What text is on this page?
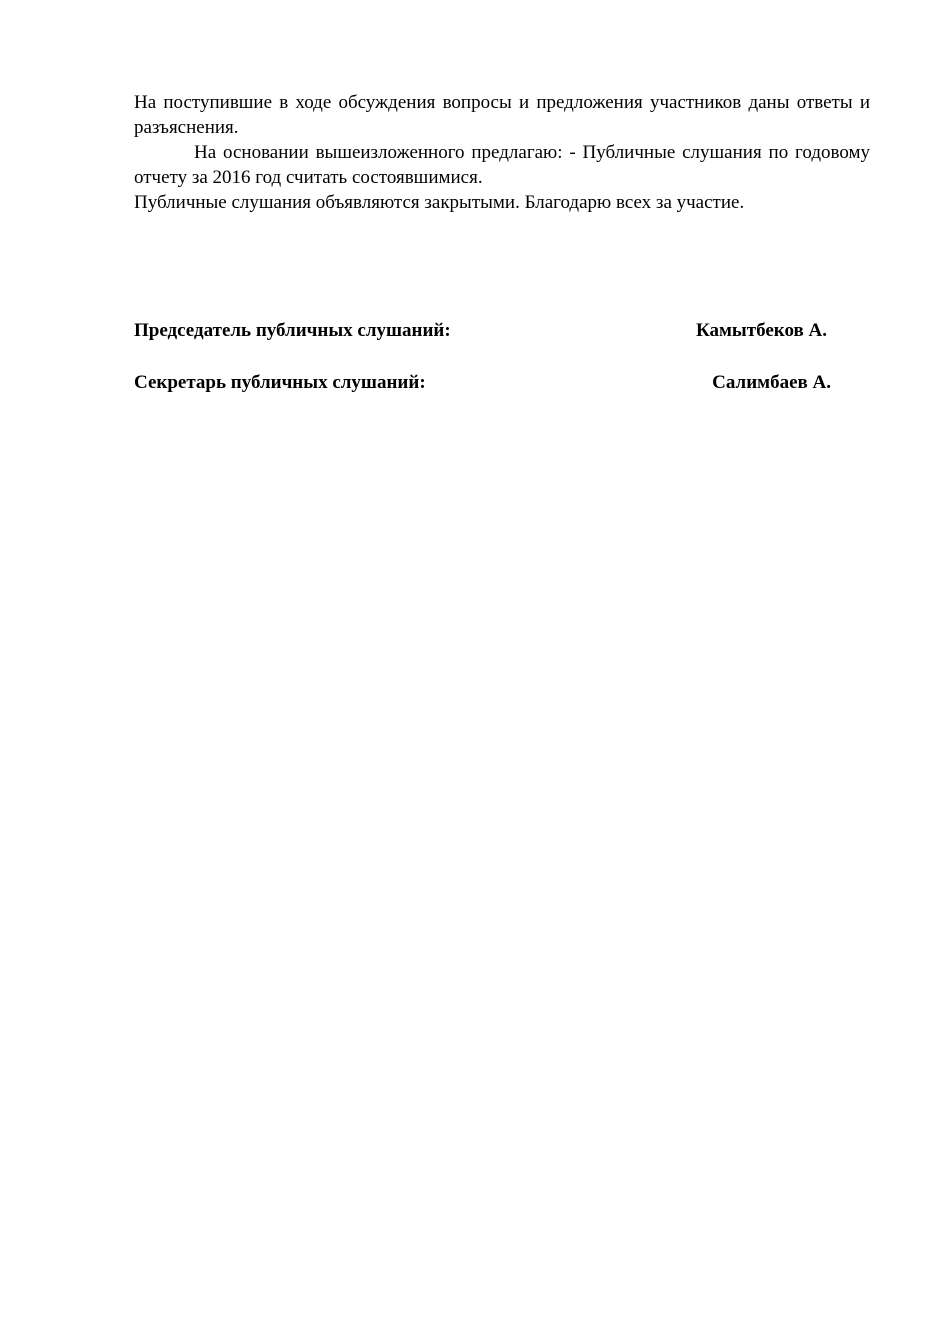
На поступившие в ходе обсуждения вопросы и предложения участников даны ответы и разъяснения.

На основании вышеизложенного предлагаю: - Публичные слушания по годовому отчету за 2016 год считать состоявшимися.

Публичные слушания объявляются закрытыми. Благодарю всех за участие.

Председатель публичных слушаний:	Камытбеков А.
Секретарь публичных слушаний:	Салимбаев А.
